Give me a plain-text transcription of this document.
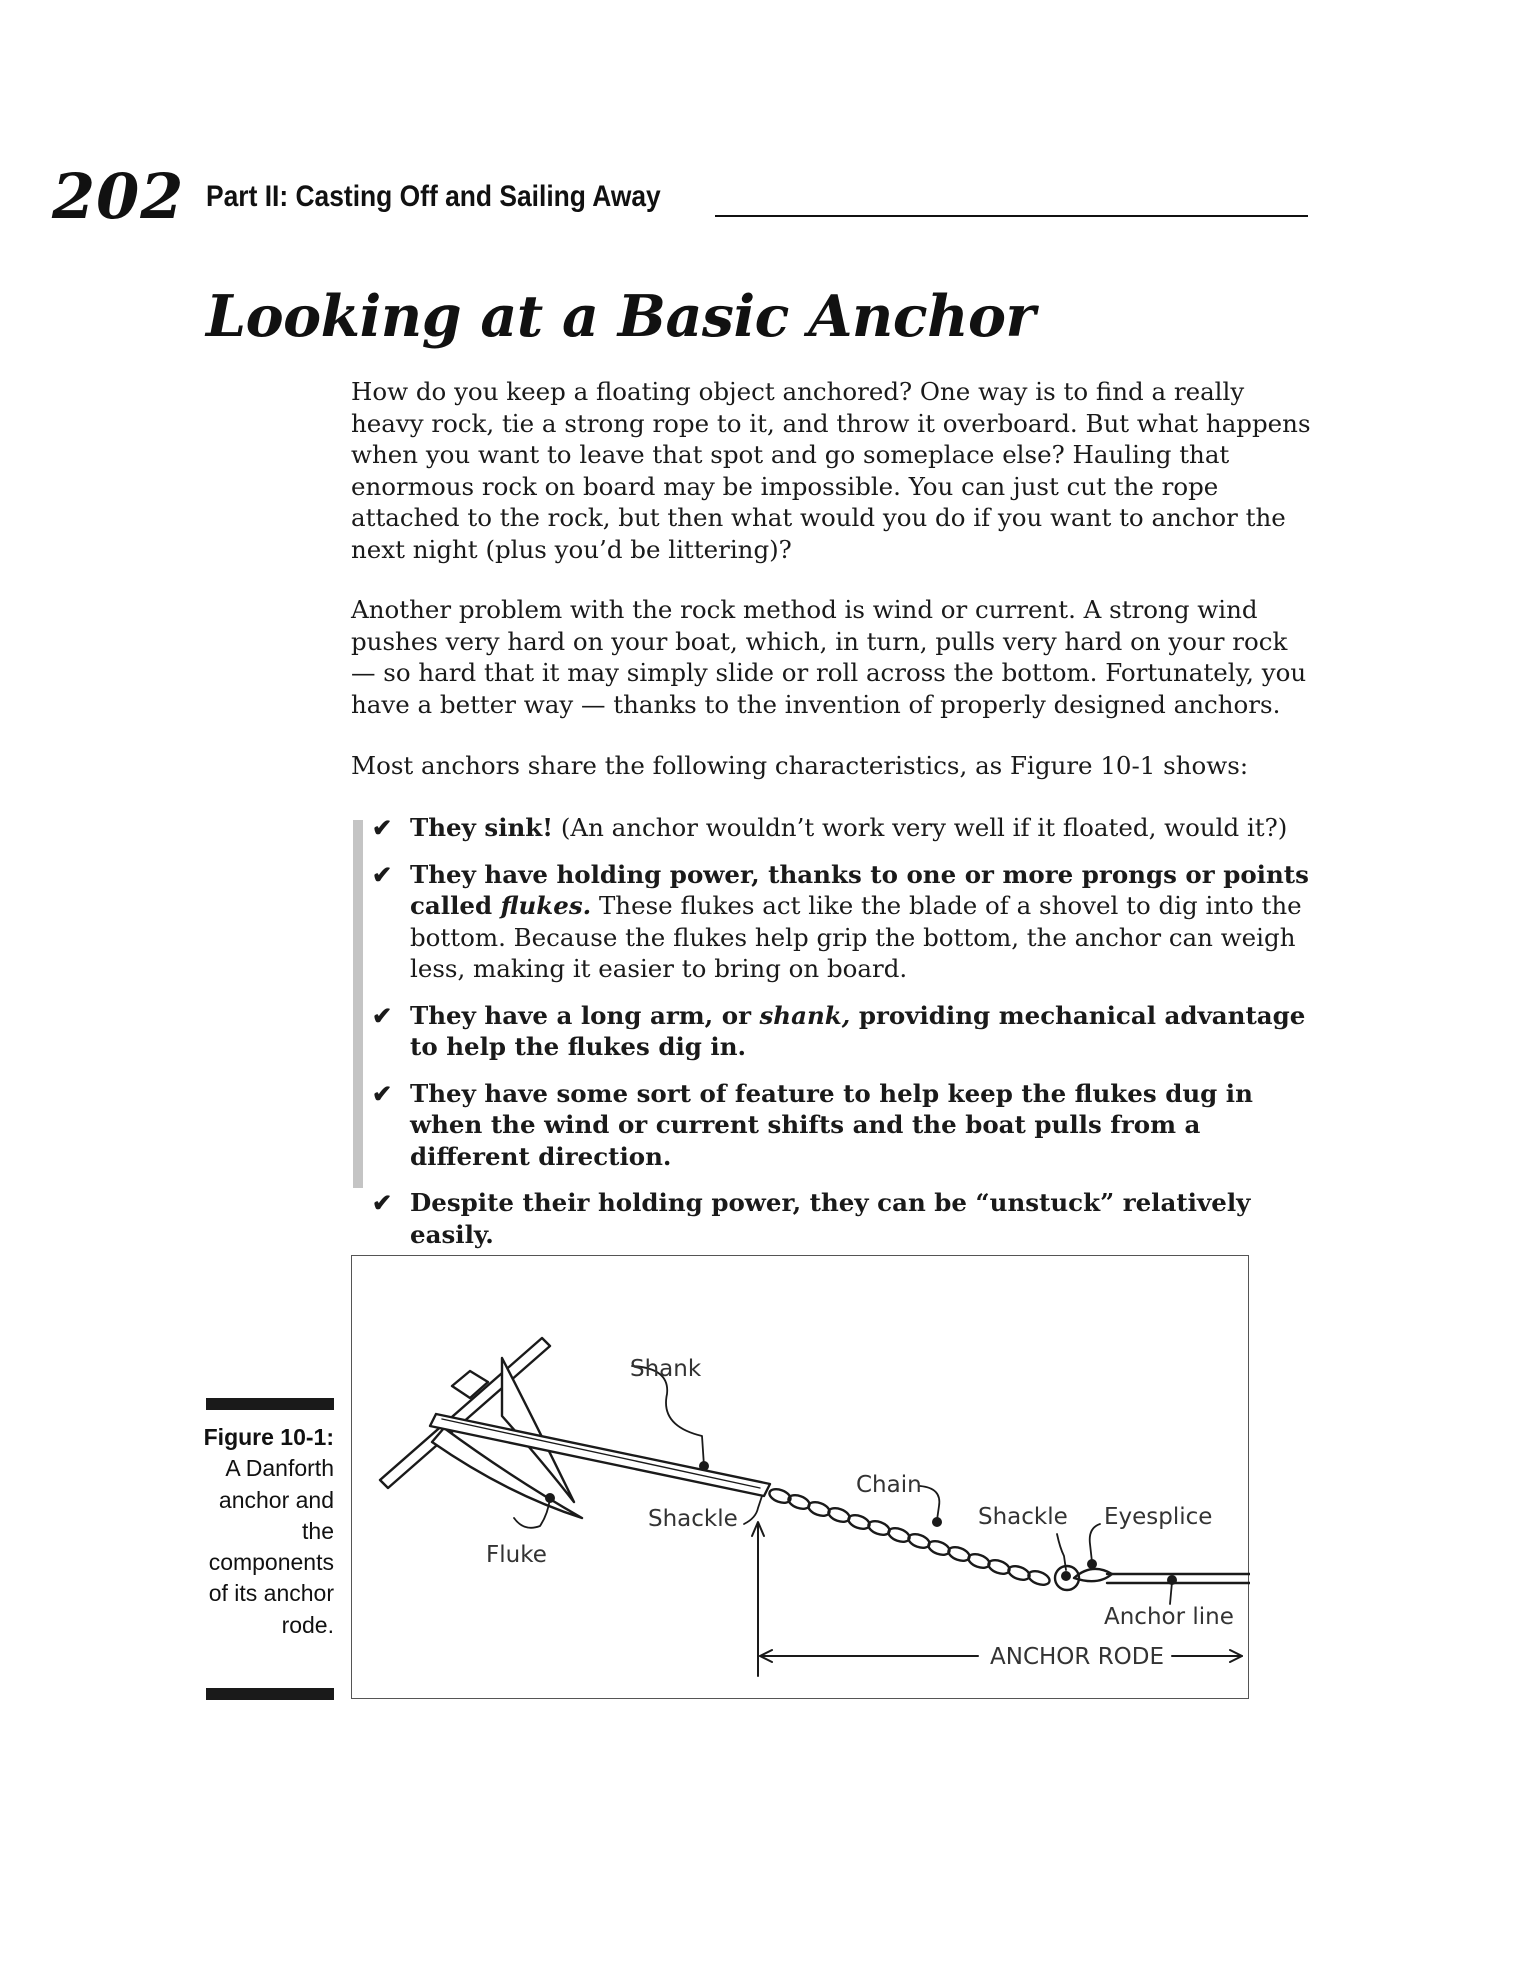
202 Part II: Casting Off and Sailing Away
Looking at a Basic Anchor

How do you keep a floating object anchored? One way is to find a really heavy rock, tie a strong rope to it, and throw it overboard. But what happens when you want to leave that spot and go someplace else? Hauling that enormous rock on board may be impossible. You can just cut the rope attached to the rock, but then what would you do if you want to anchor the next night (plus you’d be littering)?

Another problem with the rock method is wind or current. A strong wind pushes very hard on your boat, which, in turn, pulls very hard on your rock — so hard that it may simply slide or roll across the bottom. Fortunately, you have a better way — thanks to the invention of properly designed anchors.

Most anchors share the following characteristics, as Figure 10-1 shows:

✔ They sink! (An anchor wouldn’t work very well if it floated, would it?)
✔ They have holding power, thanks to one or more prongs or points called flukes. These flukes act like the blade of a shovel to dig into the bottom. Because the flukes help grip the bottom, the anchor can weigh less, making it easier to bring on board.
✔ They have a long arm, or shank, providing mechanical advantage to help the flukes dig in.
✔ They have some sort of feature to help keep the flukes dug in when the wind or current shifts and the boat pulls from a different direction.
✔ Despite their holding power, they can be “unstuck” relatively easily.
Figure 10-1:
A Danforth anchor and the components of its anchor rode.
Shank
Chain
Shackle	Shackle Eyesplice
Fluke
Anchor line
ANCHOR RODE
